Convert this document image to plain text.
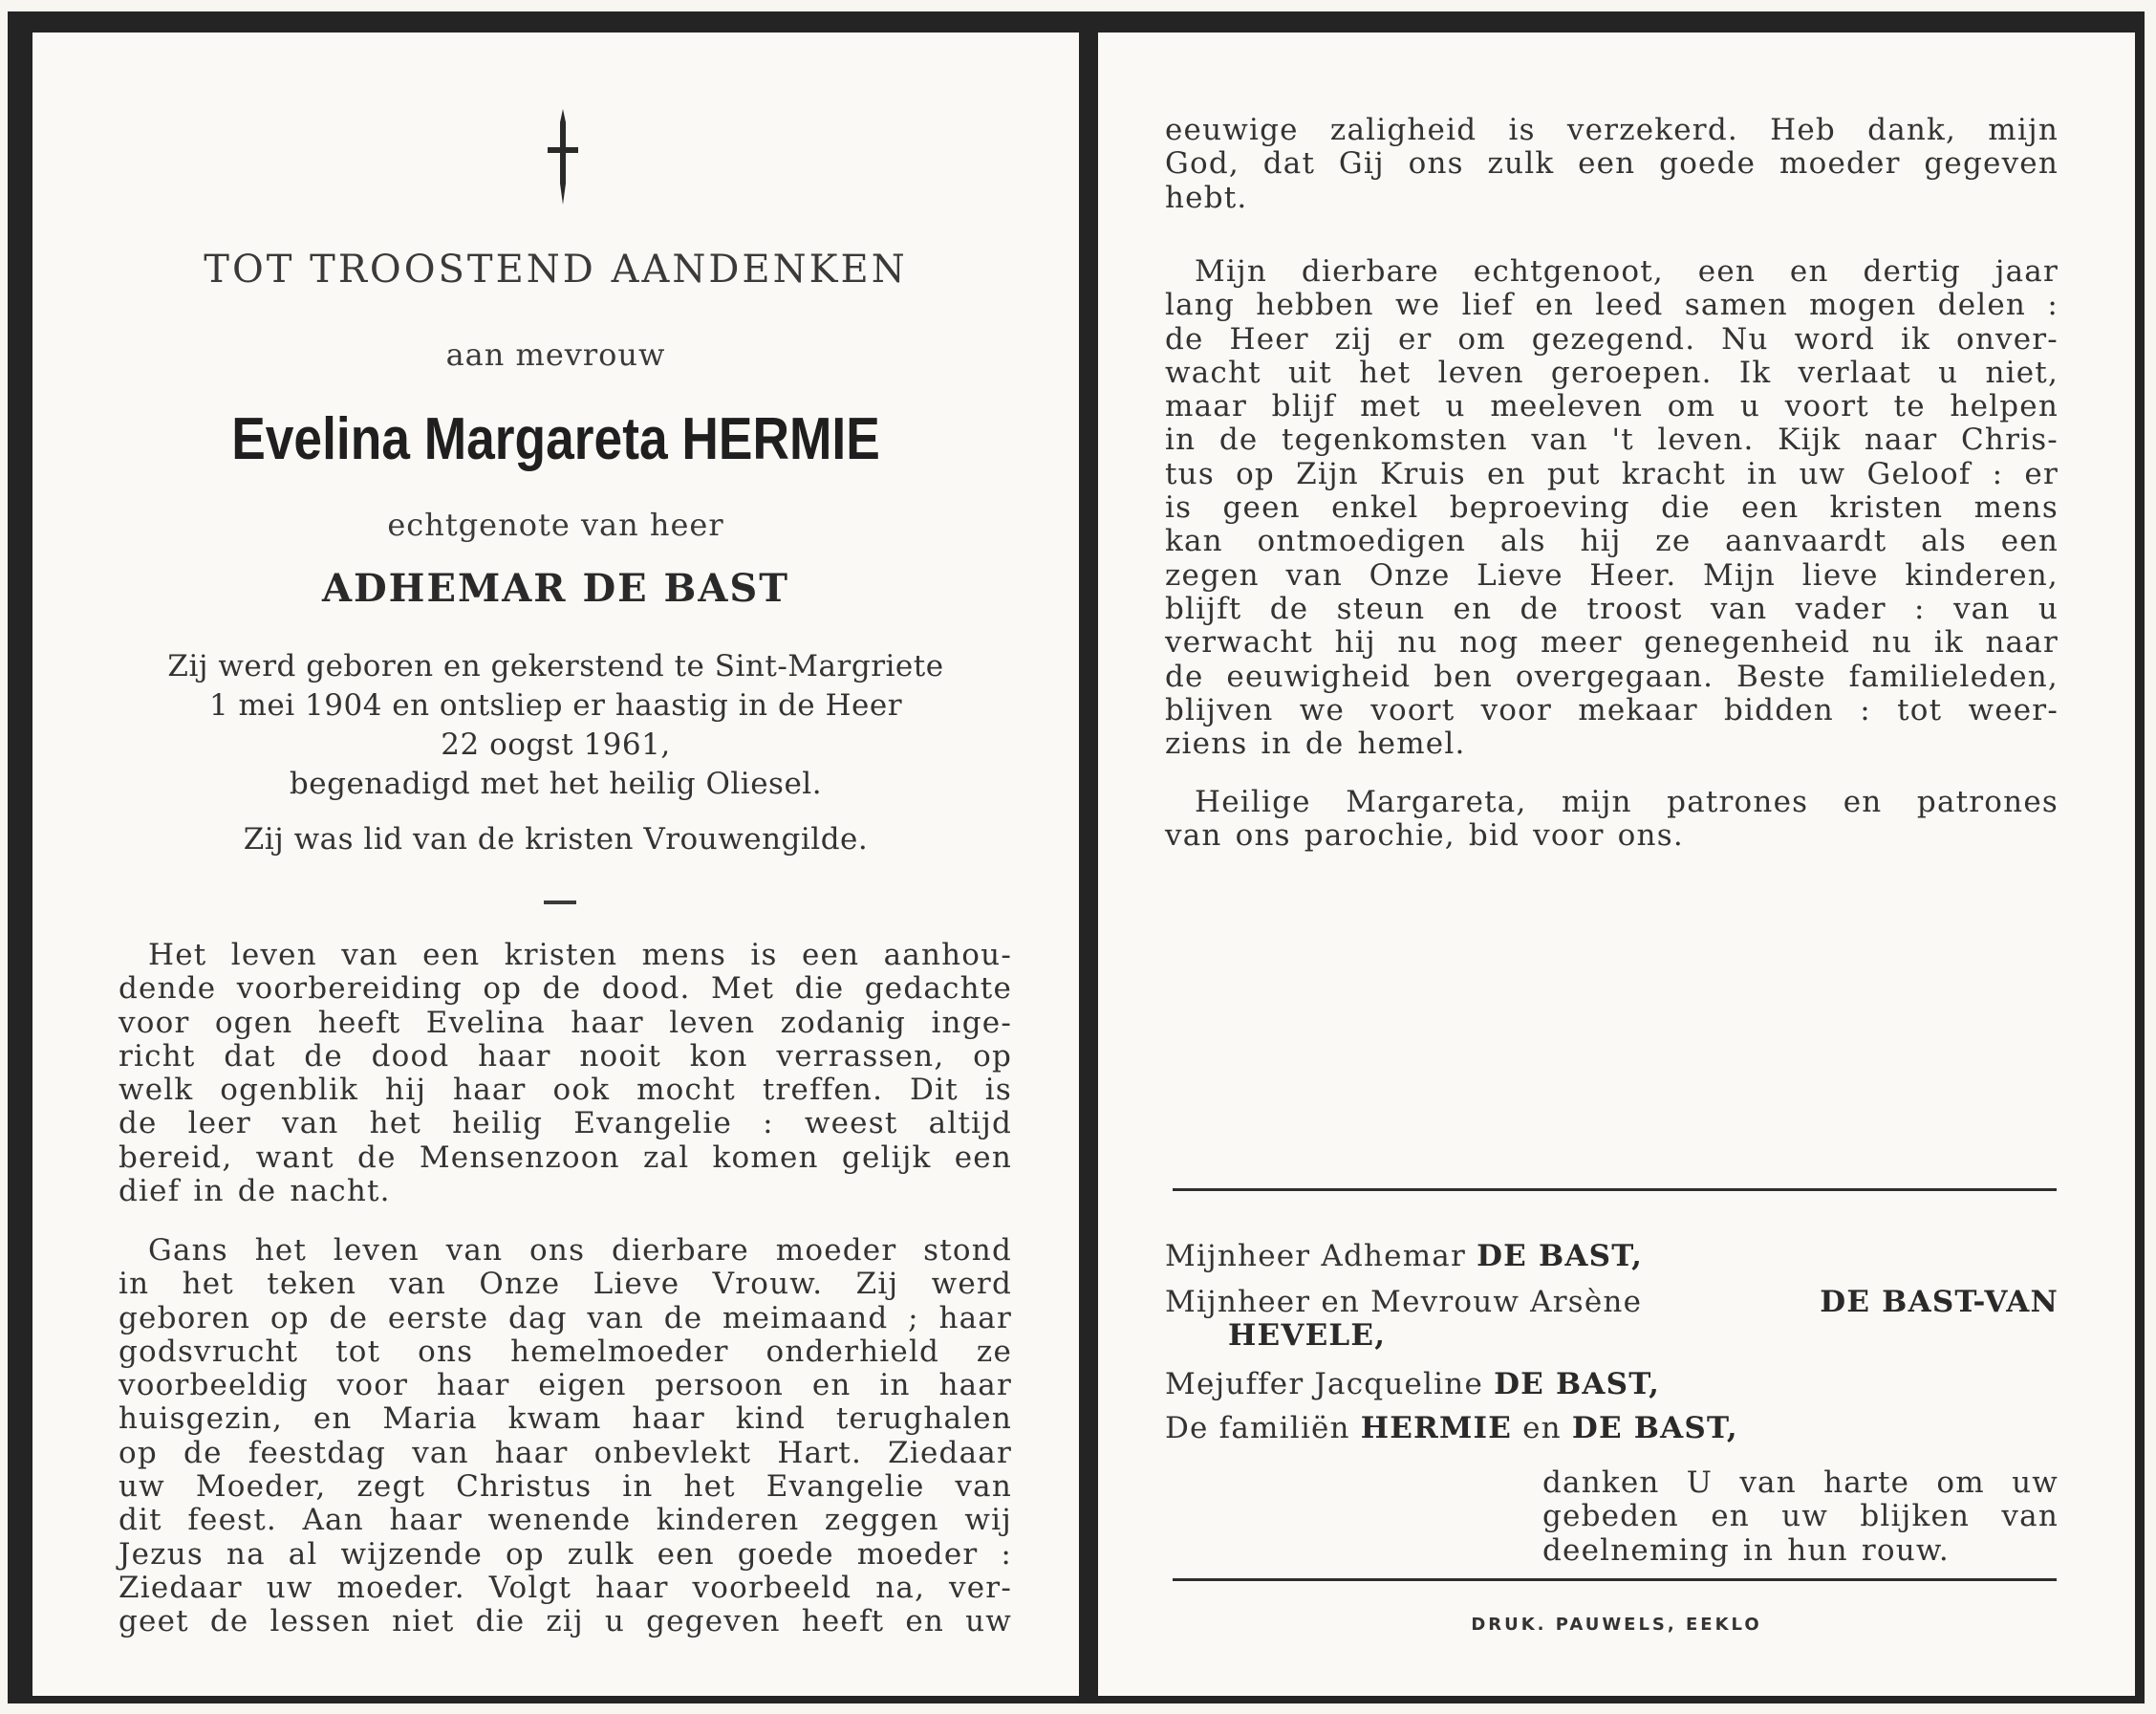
TOT TROOSTEND AANDENKEN
aan mevrouw
Evelina Margareta HERMIE
echtgenote van heer
ADHEMAR DE BAST
Zij werd geboren en gekerstend te Sint-Margriete
1 mei 1904 en ontsliep er haastig in de Heer
22 oogst 1961,
begenadigd met het heilig Oliesel.
Zij was lid van de kristen Vrouwengilde.
Het leven van een kristen mens is een aanhou-
dende voorbereiding op de dood. Met die gedachte
voor ogen heeft Evelina haar leven zodanig inge-
richt dat de dood haar nooit kon verrassen, op
welk ogenblik hij haar ook mocht treffen. Dit is
de leer van het heilig Evangelie : weest altijd
bereid, want de Mensenzoon zal komen gelijk een
dief in de nacht.
Gans het leven van ons dierbare moeder stond
in het teken van Onze Lieve Vrouw. Zij werd
geboren op de eerste dag van de meimaand ; haar
godsvrucht tot ons hemelmoeder onderhield ze
voorbeeldig voor haar eigen persoon en in haar
huisgezin, en Maria kwam haar kind terughalen
op de feestdag van haar onbevlekt Hart. Ziedaar
uw Moeder, zegt Christus in het Evangelie van
dit feest. Aan haar wenende kinderen zeggen wij
Jezus na al wijzende op zulk een goede moeder :
Ziedaar uw moeder. Volgt haar voorbeeld na, ver-
geet de lessen niet die zij u gegeven heeft en uw
eeuwige zaligheid is verzekerd. Heb dank, mijn
God, dat Gij ons zulk een goede moeder gegeven
hebt.
Mijn dierbare echtgenoot, een en dertig jaar
lang hebben we lief en leed samen mogen delen :
de Heer zij er om gezegend. Nu word ik onver-
wacht uit het leven geroepen. Ik verlaat u niet,
maar blijf met u meeleven om u voort te helpen
in de tegenkomsten van 't leven. Kijk naar Chris-
tus op Zijn Kruis en put kracht in uw Geloof : er
is geen enkel beproeving die een kristen mens
kan ontmoedigen als hij ze aanvaardt als een
zegen van Onze Lieve Heer. Mijn lieve kinderen,
blijft de steun en de troost van vader : van u
verwacht hij nu nog meer genegenheid nu ik naar
de eeuwigheid ben overgegaan. Beste familieleden,
blijven we voort voor mekaar bidden : tot weer-
ziens in de hemel.
Heilige Margareta, mijn patrones en patrones
van ons parochie, bid voor ons.
Mijnheer Adhemar DE BAST,
Mijnheer en Mevrouw Arsène	DE BAST-VAN
HEVELE,
Mejuffer Jacqueline DE BAST,
De familiën HERMIE en DE BAST,
danken U van harte om uw
gebeden en uw blijken van
deelneming in hun rouw.
DRUK. PAUWELS, EEKLO
